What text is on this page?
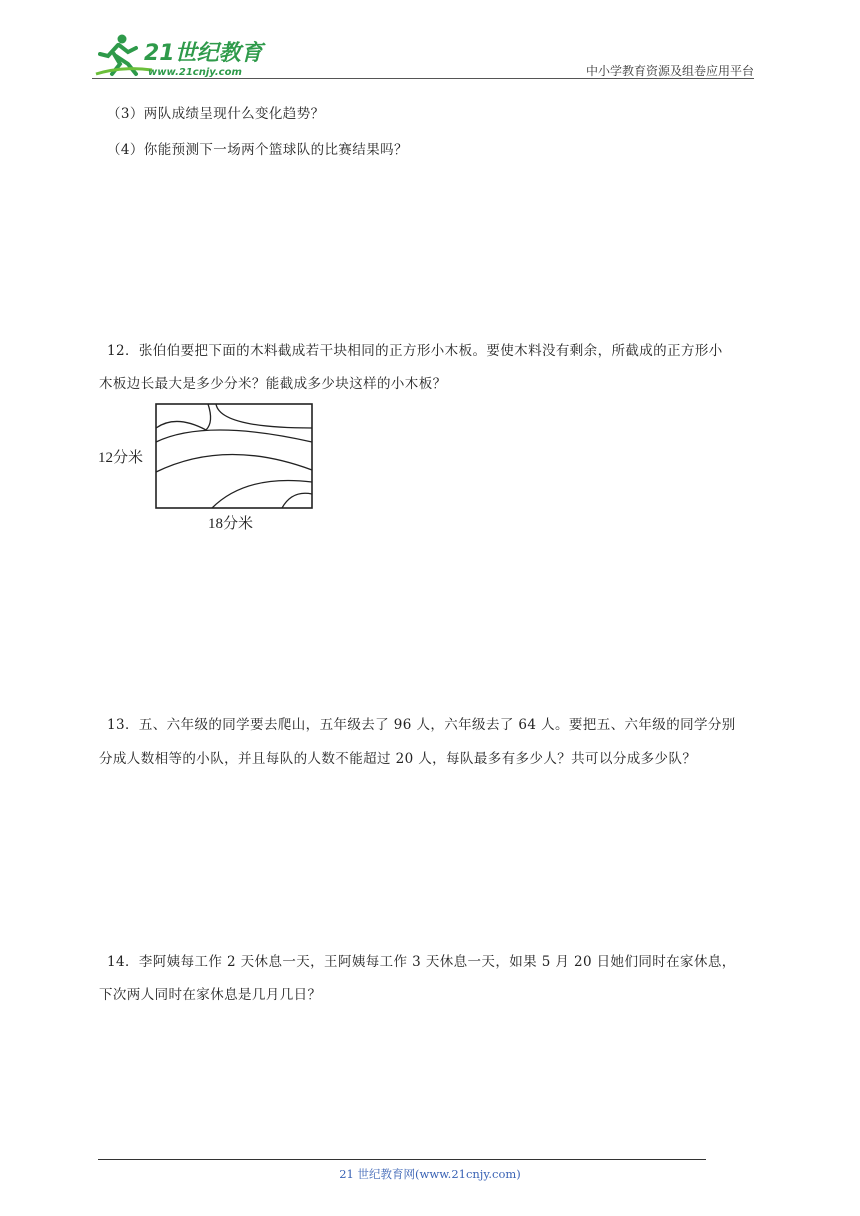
21世纪教育
www.21cnjy.com	中小学教育资源及组卷应用平台
（3）两队成绩呈现什么变化趋势？
（4）你能预测下一场两个篮球队的比赛结果吗？
12．张伯伯要把下面的木料截成若干块相同的正方形小木板。要使木料没有剩余，所截成的正方形小
木板边长最大是多少分米？能截成多少块这样的小木板？
12分米
18分米
13．五、六年级的同学要去爬山，五年级去了 96 人，六年级去了 64 人。要把五、六年级的同学分别
分成人数相等的小队，并且每队的人数不能超过 20 人，每队最多有多少人？共可以分成多少队？
14．李阿姨每工作 2 天休息一天，王阿姨每工作 3 天休息一天，如果 5 月 20 日她们同时在家休息，
下次两人同时在家休息是几月几日？
21 世纪教育网(www.21cnjy.com)
